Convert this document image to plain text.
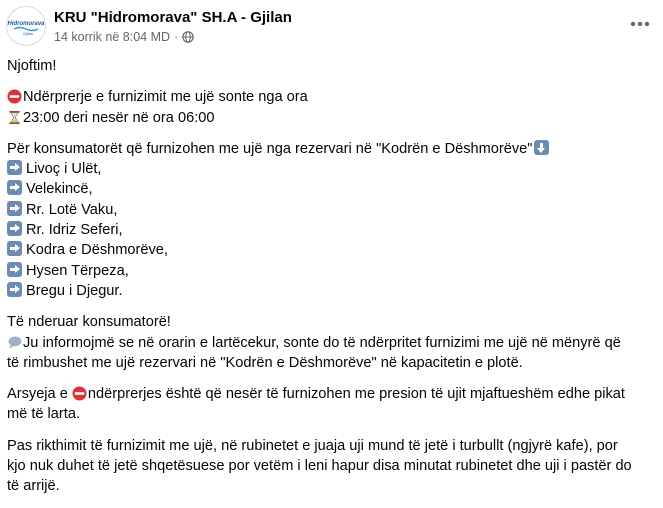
Hidromorava
Gjilan
KRU "Hidromorava" SH.A - Gjilan
14 korrik në 8:04 MD ·
Njoftim!
Ndërprerje e furnizimit me ujë sonte nga ora
23:00 deri nesër në ora 06:00
Për konsumatorët që furnizohen me ujë nga rezervari në "Kodrën e Dëshmorëve"
Livoç i Ulët,
Velekincë,
Rr. Lotë Vaku,
Rr. Idriz Seferi,
Kodra e Dëshmorëve,
Hysen Tërpeza,
Bregu i Djegur.
Të nderuar konsumatorë!
Ju informojmë se në orarin e lartëcekur, sonte do të ndërpritet furnizimi me ujë në mënyrë që
të rimbushet me ujë rezervari në "Kodrën e Dëshmorëve" në kapacitetin e plotë.
Arsyeja e ndërprerjes është që nesër të furnizohen me presion të ujit mjaftueshëm edhe pikat
më të larta.
Pas rikthimit të furnizimit me ujë, në rubinetet e juaja uji mund të jetë i turbullt (ngjyrë kafe), por
kjo nuk duhet të jetë shqetësuese por vetëm i leni hapur disa minutat rubinetet dhe uji i pastër do
të arrijë.
